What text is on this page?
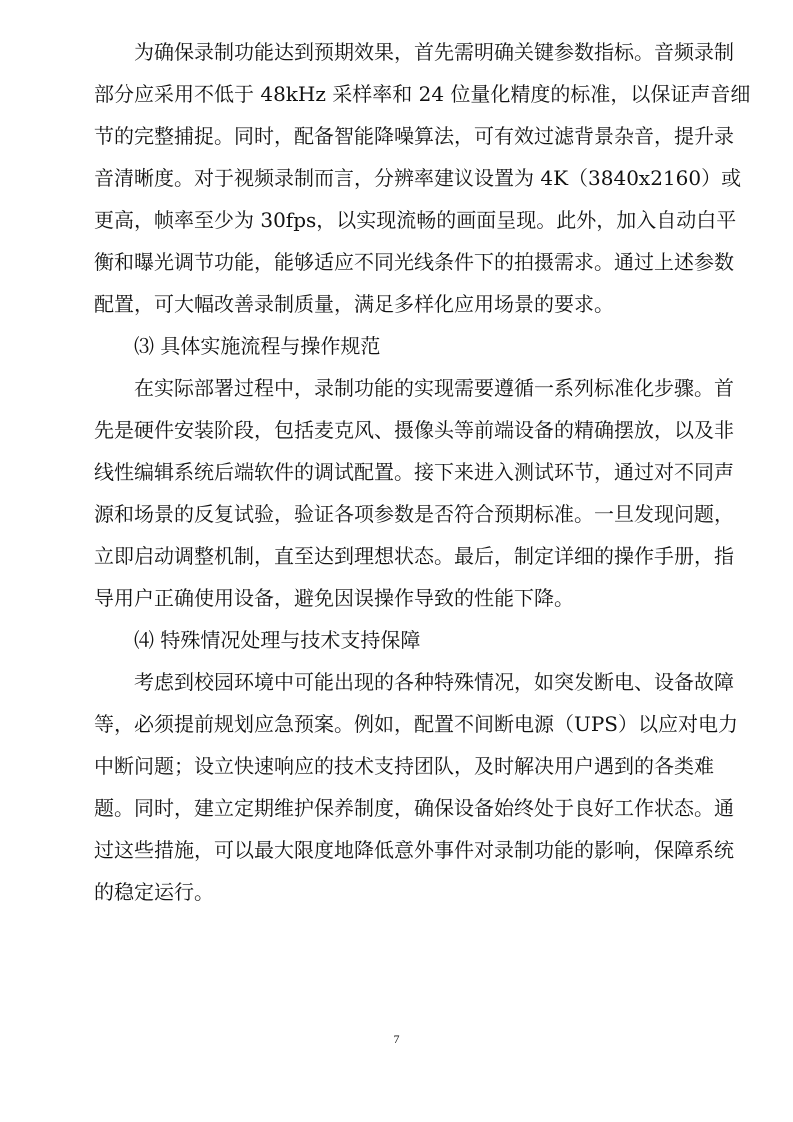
为确保录制功能达到预期效果，首先需明确关键参数指标。音频录制
部分应采用不低于 48kHz 采样率和 24 位量化精度的标准，以保证声音细
节的完整捕捉。同时，配备智能降噪算法，可有效过滤背景杂音，提升录
音清晰度。对于视频录制而言，分辨率建议设置为 4K（3840x2160）或
更高，帧率至少为 30fps，以实现流畅的画面呈现。此外，加入自动白平
衡和曝光调节功能，能够适应不同光线条件下的拍摄需求。通过上述参数
配置，可大幅改善录制质量，满足多样化应用场景的要求。
⑶ 具体实施流程与操作规范
在实际部署过程中，录制功能的实现需要遵循一系列标准化步骤。首
先是硬件安装阶段，包括麦克风、摄像头等前端设备的精确摆放，以及非
线性编辑系统后端软件的调试配置。接下来进入测试环节，通过对不同声
源和场景的反复试验，验证各项参数是否符合预期标准。一旦发现问题，
立即启动调整机制，直至达到理想状态。最后，制定详细的操作手册，指
导用户正确使用设备，避免因误操作导致的性能下降。
⑷ 特殊情况处理与技术支持保障
考虑到校园环境中可能出现的各种特殊情况，如突发断电、设备故障
等，必须提前规划应急预案。例如，配置不间断电源（UPS）以应对电力
中断问题；设立快速响应的技术支持团队，及时解决用户遇到的各类难
题。同时，建立定期维护保养制度，确保设备始终处于良好工作状态。通
过这些措施，可以最大限度地降低意外事件对录制功能的影响，保障系统
的稳定运行。
7
